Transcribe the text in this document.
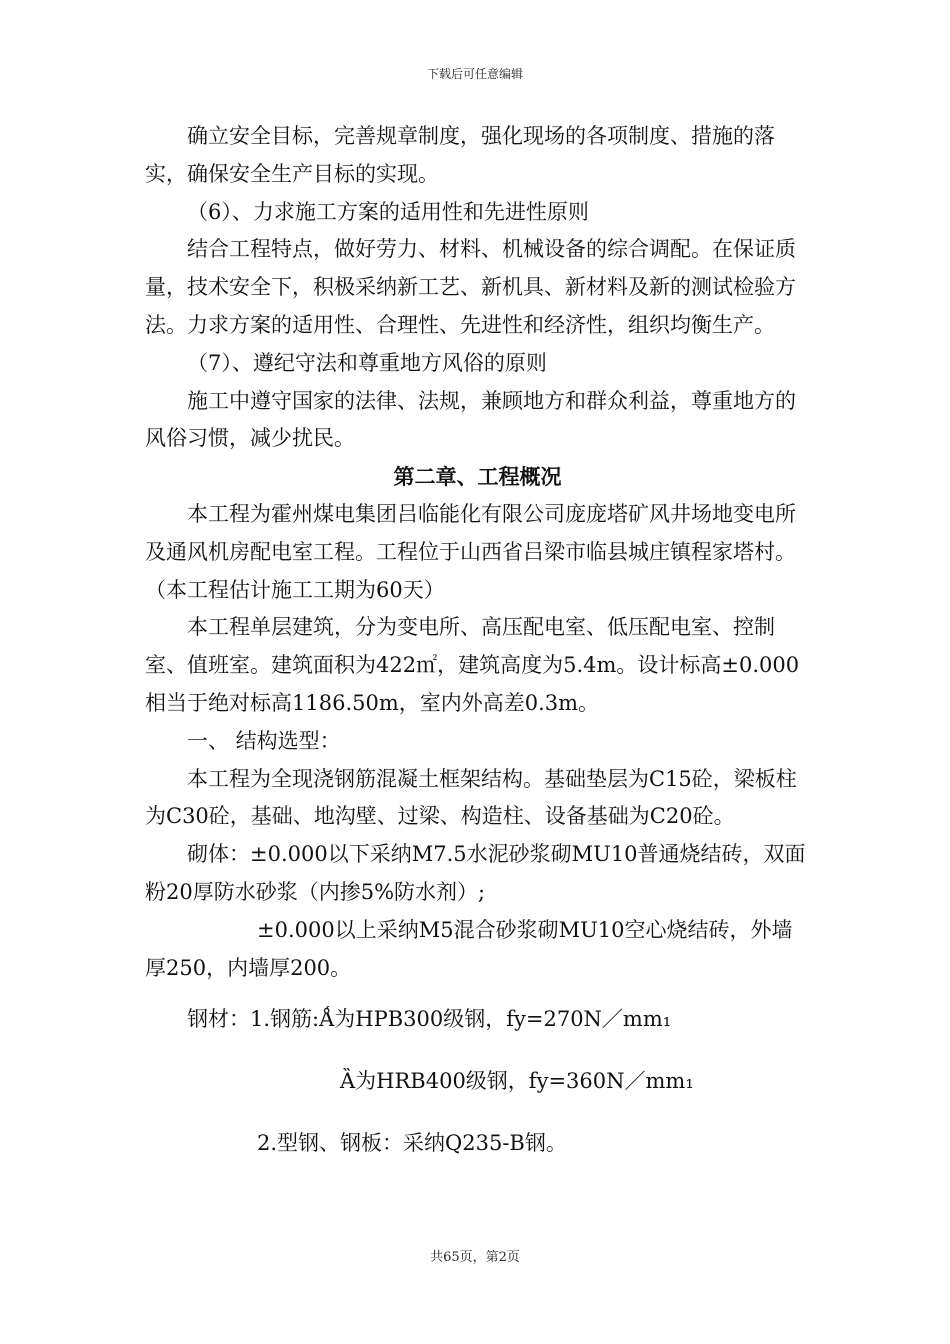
下载后可任意编辑

确立安全目标，完善规章制度，强化现场的各项制度、措施的落实，确保安全生产目标的实现。

（6）、力求施工方案的适用性和先进性原则

结合工程特点，做好劳力、材料、机械设备的综合调配。在保证质量，技术安全下，积极采纳新工艺、新机具、新材料及新的测试检验方法。力求方案的适用性、合理性、先进性和经济性，组织均衡生产。

（7）、遵纪守法和尊重地方风俗的原则

施工中遵守国家的法律、法规，兼顾地方和群众利益，尊重地方的风俗习惯，减少扰民。

第二章、工程概况

本工程为霍州煤电集团吕临能化有限公司庞庞塔矿风井场地变电所及通风机房配电室工程。工程位于山西省吕梁市临县城庄镇程家塔村。（本工程估计施工工期为60天）

本工程单层建筑，分为变电所、高压配电室、低压配电室、控制室、值班室。建筑面积为422㎡，建筑高度为5.4m。设计标高±0.000相当于绝对标高1186.50m，室内外高差0.3m。

一、 结构选型：

本工程为全现浇钢筋混凝土框架结构。基础垫层为C15砼，梁板柱为C30砼，基础、地沟壁、过梁、构造柱、设备基础为C20砼。

砌体：±0.000以下采纳M7.5水泥砂浆砌MU10普通烧结砖，双面粉20厚防水砂浆（内掺5%防水剂）;

±0.000以上采纳M5混合砂浆砌MU10空心烧结砖，外墙厚250，内墙厚200。

钢材：1.钢筋:Ǻ为HPB300级钢，fy=270N／mm₁

Ȁ为HRB400级钢，fy=360N／mm₁

2.型钢、钢板：采纳Q235-B钢。

共65页，第2页
